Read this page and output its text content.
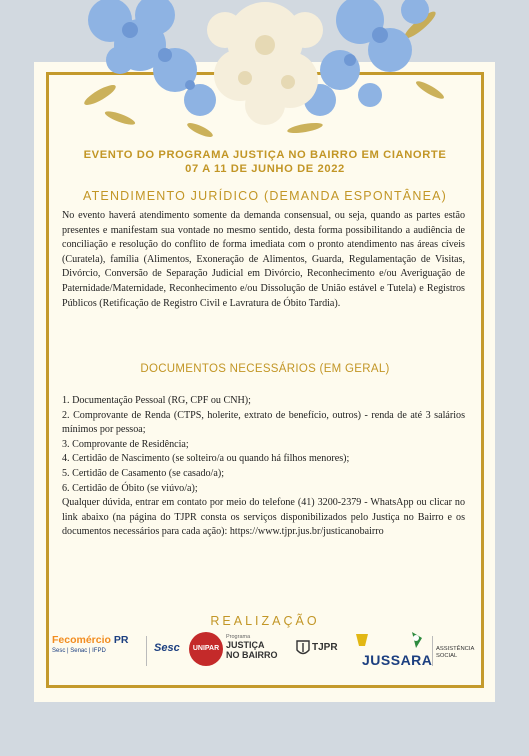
EVENTO DO PROGRAMA JUSTIÇA NO BAIRRO EM CIANORTE
07 A 11 DE JUNHO DE 2022
ATENDIMENTO JURÍDICO (DEMANDA ESPONTÂNEA)
No evento haverá atendimento somente da demanda consensual, ou seja, quando as partes estão presentes e manifestam sua vontade no mesmo sentido, desta forma possibilitando a audiência de conciliação e resolução do conflito de forma imediata com o pronto atendimento nas áreas cíveis (Curatela), família (Alimentos, Exoneração de Alimentos, Guarda, Regulamentação de Visitas, Divórcio, Conversão de Separação Judicial em Divórcio, Reconhecimento e/ou Averiguação de Paternidade/Maternidade, Reconhecimento e/ou Dissolução de União estável e Tutela) e Registros Públicos (Retificação de Registro Civil e Lavratura de Óbito Tardia).
DOCUMENTOS NECESSÁRIOS (EM GERAL)

1. Documentação Pessoal (RG, CPF ou CNH);

2. Comprovante de Renda (CTPS, holerite, extrato de benefício, outros) - renda de até 3 salários mínimos por pessoa;

3. Comprovante de Residência;

4. Certidão de Nascimento (se solteiro/a ou quando há filhos menores);

5. Certidão de Casamento (se casado/a);

6. Certidão de Óbito (se viúvo/a);

Qualquer dúvida, entrar em contato por meio do telefone (41) 3200-2379 - WhatsApp ou clicar no link abaixo (na página do TJPR consta os serviços disponibilizados pelo Justiça no Bairro e os documentos necessários para cada ação): https://www.tjpr.jus.br/justicanobairro

REALIZAÇÃO
Fecomércio PR
Sesc | Senac | IFPD	Sesc	UNIPAR
Programa
JUSTIÇA
NO BAIRRO
TJPR
JUSSARA
ASSISTÊNCIA
SOCIAL
